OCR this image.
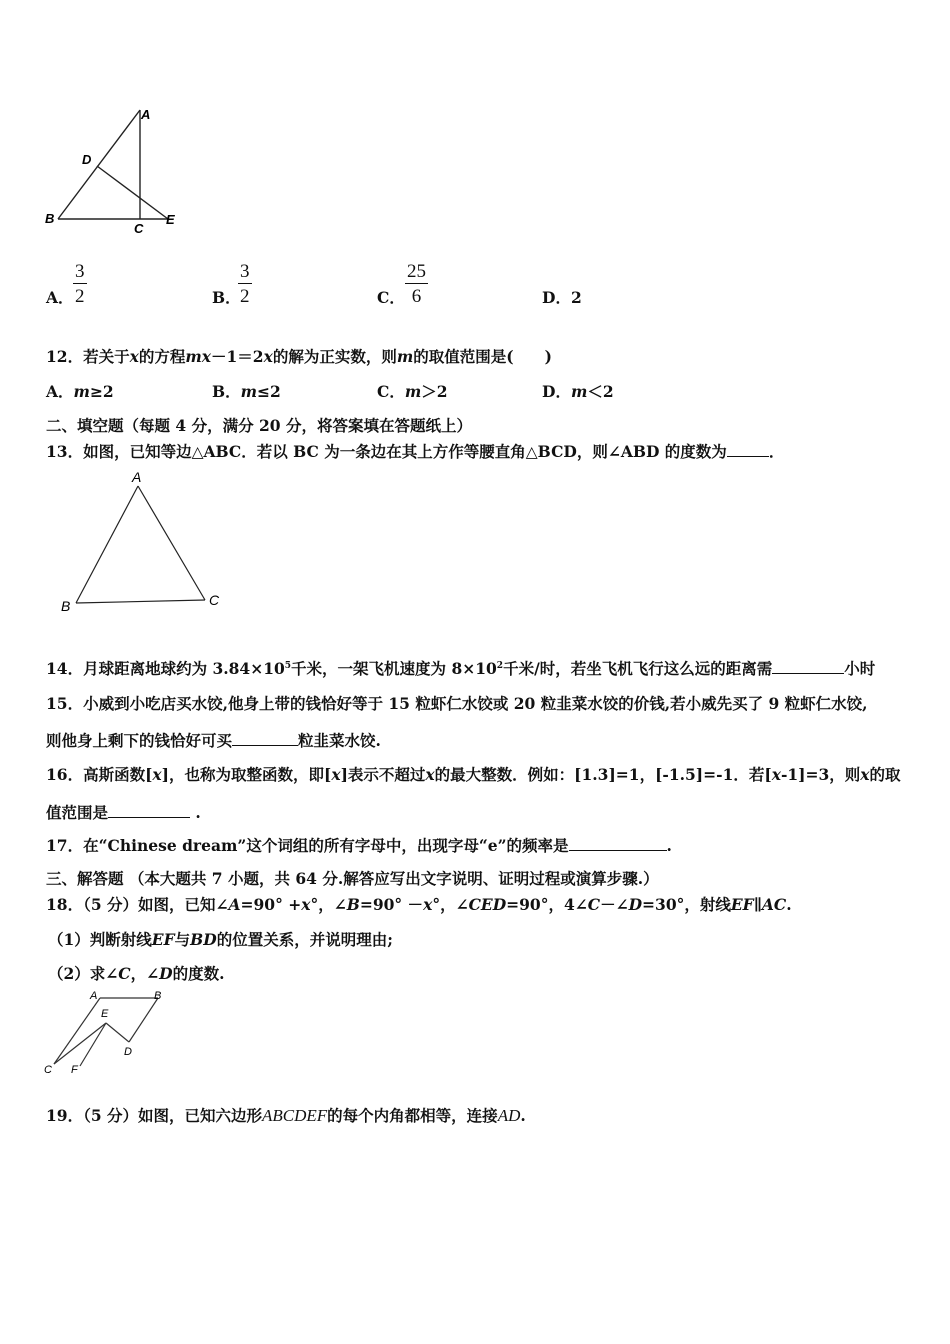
A
D
B
C
E
A． $\frac{3}{2}$	B．
$\frac{3}{2}$	C． $\frac{25}{6}$	D．2
12．若关于x的方程mx－1＝2x的解为正实数，则m的取值范围是(　　)
A．m≥2	B．m≤2	C．m＞2	D．m＜2
二、填空题（每题 4 分，满分 20 分，将答案填在答题纸上）
13．如图，已知等边△ABC．若以 BC 为一条边在其上方作等腰直角△BCD，则∠ABD 的度数为	．
A
B	C
14．月球距离地球约为 $3.84\times 10^5$千米，一架飞机速度为 $8\times 10^2$千米/时，若坐飞机飞行这么远的距离需	小时
15．小威到小吃店买水饺,他身上带的钱恰好等于 15 粒虾仁水饺或 20 粒韭菜水饺的价钱,若小威先买了 9 粒虾仁水饺,
则他身上剩下的钱恰好可买	粒韭菜水饺.
16．高斯函数[x]，也称为取整函数，即[x]表示不超过x的最大整数．例如：[1.3]=1，[-1.5]=-1．若[x-1]=3，则x的取
值范围是	.
17．在“Chinese dream”这个词组的所有字母中，出现字母“e”的频率是	.
三、解答题 （本大题共 7 小题，共 64 分.解答应写出文字说明、证明过程或演算步骤.）
18．（5 分）如图，已知∠A=90° +x°，∠B=90° －x°，∠CED=90°，4∠C－∠D=30°，射线EF∥AC.
（1）判断射线EF与BD的位置关系，并说明理由;
（2）求∠C，∠D的度数.
A	B
E
D
C F
19．（5 分）如图，已知六边形ABCDEF的每个内角都相等，连接AD.
